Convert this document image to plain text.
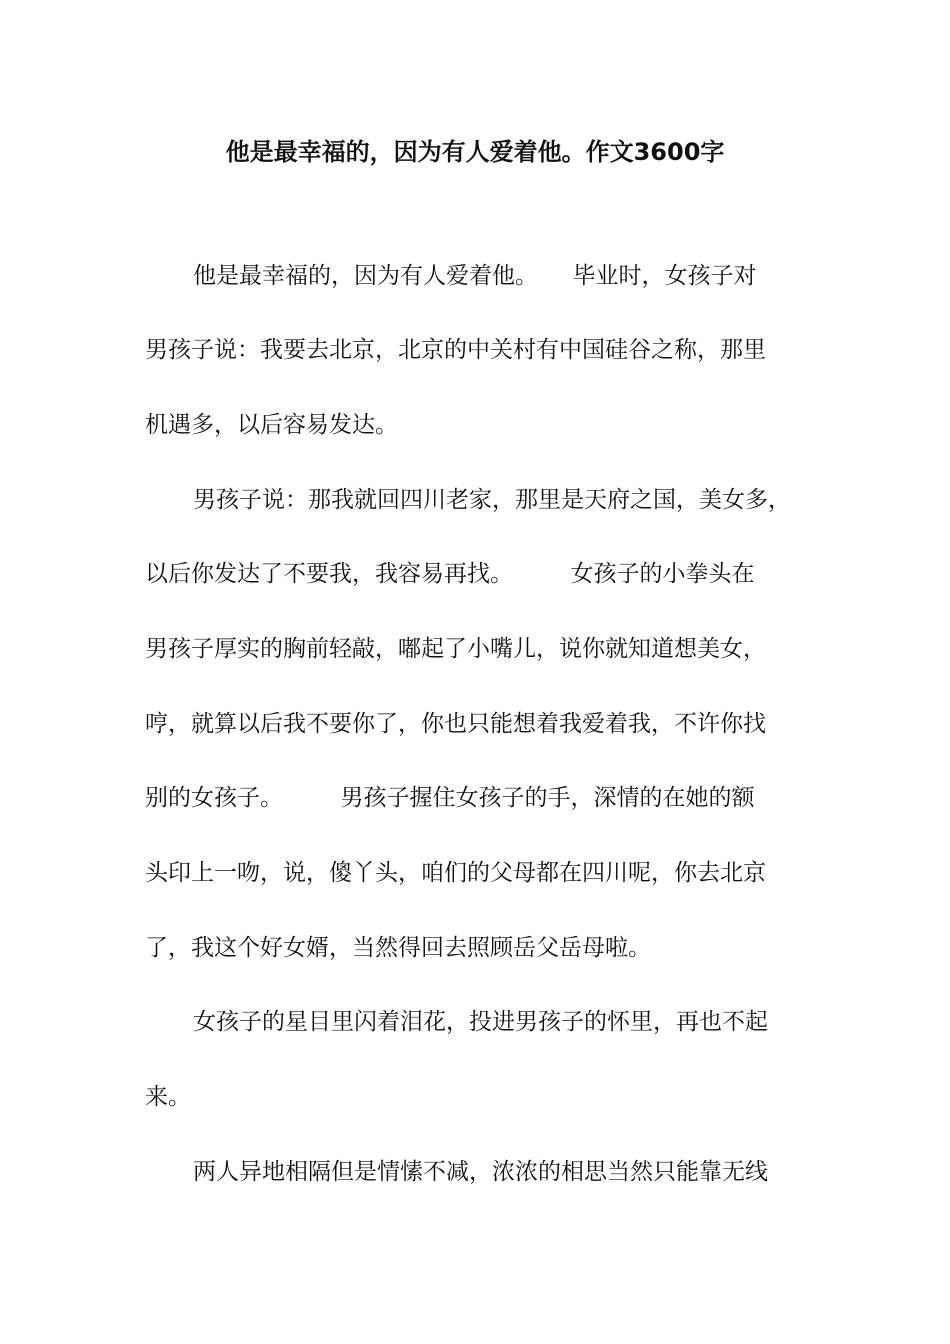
他是最幸福的，因为有人爱着他。作文3600字

他是最幸福的，因为有人爱着他。　　毕业时，女孩子对

男孩子说：我要去北京，北京的中关村有中国硅谷之称，那里

机遇多，以后容易发达。

男孩子说：那我就回四川老家，那里是天府之国，美女多，

以后你发达了不要我，我容易再找。　　　女孩子的小拳头在

男孩子厚实的胸前轻敲，嘟起了小嘴儿，说你就知道想美女，

哼，就算以后我不要你了，你也只能想着我爱着我，不许你找

别的女孩子。　　　男孩子握住女孩子的手，深情的在她的额

头印上一吻，说，傻丫头，咱们的父母都在四川呢，你去北京

了，我这个好女婿，当然得回去照顾岳父岳母啦。

女孩子的星目里闪着泪花，投进男孩子的怀里，再也不起

来。

两人异地相隔但是情愫不减，浓浓的相思当然只能靠无线
